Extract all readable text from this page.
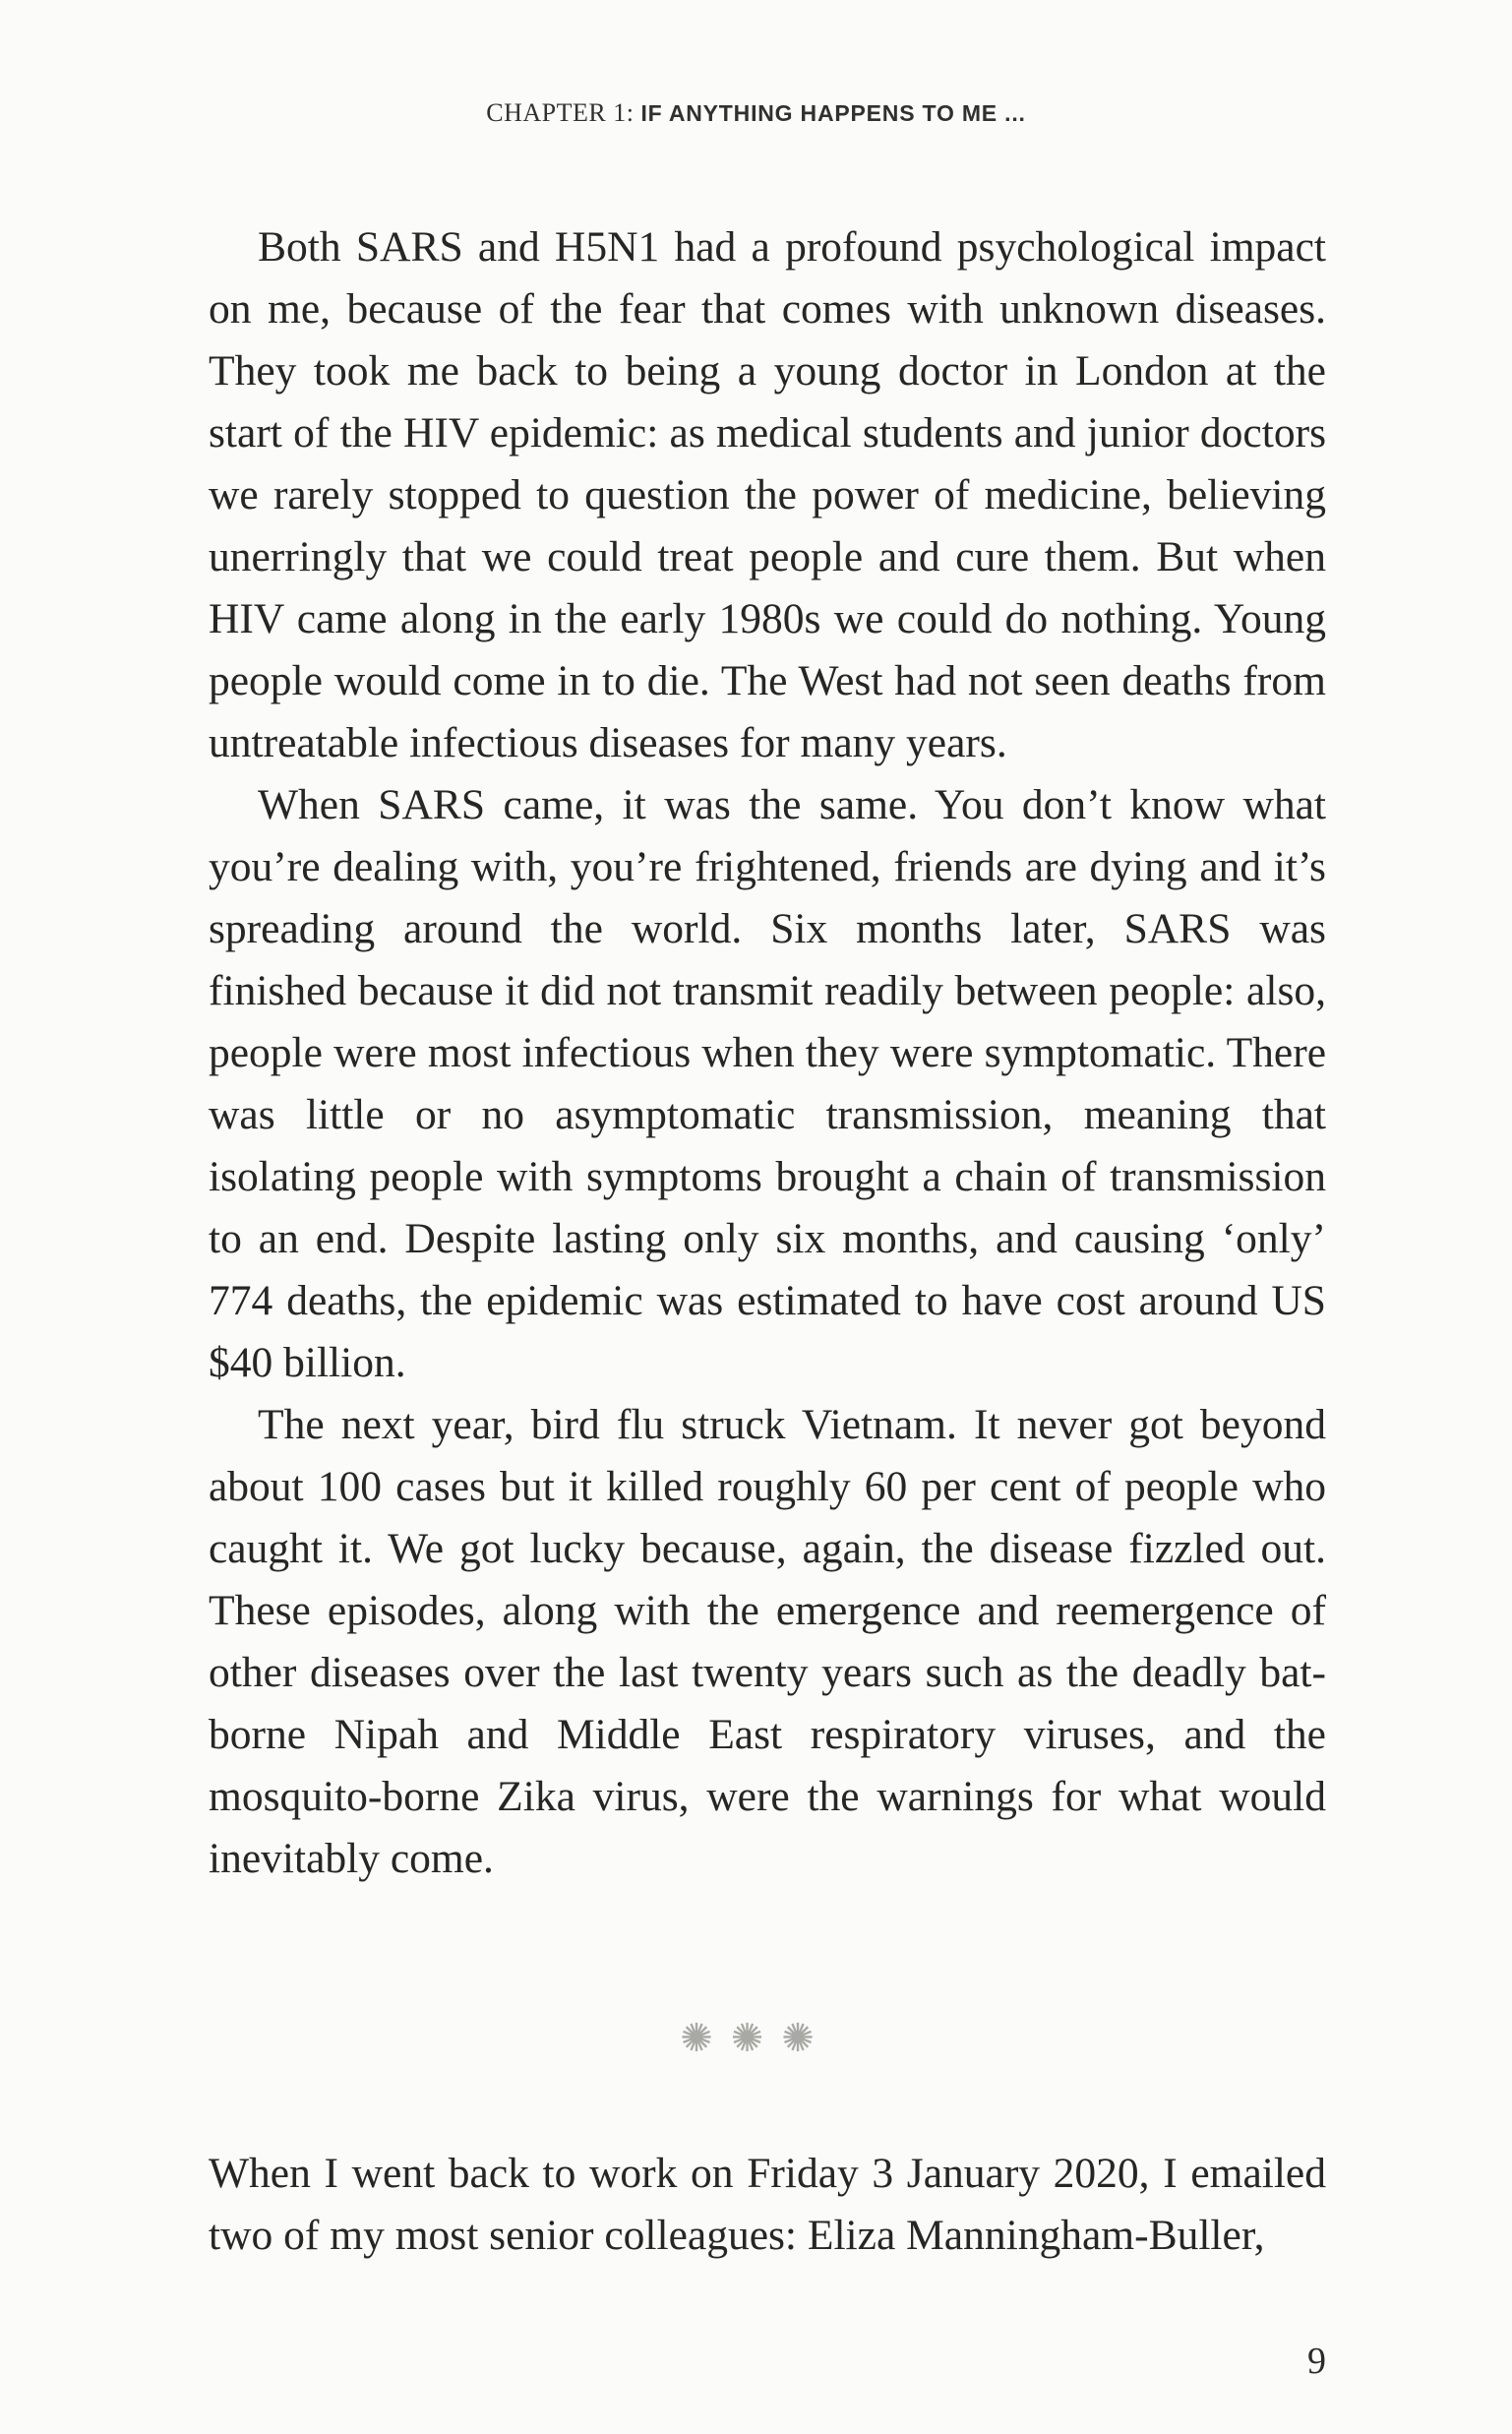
CHAPTER 1: IF ANYTHING HAPPENS TO ME ...

Both SARS and H5N1 had a profound psychological impact on me, because of the fear that comes with unknown diseases. They took me back to being a young doctor in London at the start of the HIV epidemic: as medical students and junior doctors we rarely stopped to question the power of medicine, believing unerringly that we could treat people and cure them. But when HIV came along in the early 1980s we could do nothing. Young people would come in to die. The West had not seen deaths from untreatable infectious diseases for many years.

When SARS came, it was the same. You don’t know what you’re dealing with, you’re frightened, friends are dying and it’s spreading around the world. Six months later, SARS was finished because it did not transmit readily between people: also, people were most infectious when they were symptomatic. There was little or no asymptomatic transmission, meaning that isolating people with symptoms brought a chain of transmission to an end. Despite lasting only six months, and causing ‘only’ 774 deaths, the epidemic was estimated to have cost around US $40 billion.

The next year, bird flu struck Vietnam. It never got beyond about 100 cases but it killed roughly 60 per cent of people who caught it. We got lucky because, again, the disease fizzled out. These episodes, along with the emergence and reemergence of other diseases over the last twenty years such as the deadly bat-borne Nipah and Middle East respiratory viruses, and the mosquito-borne Zika virus, were the warnings for what would inevitably come.

✺✺✺

When I went back to work on Friday 3 January 2020, I emailed two of my most senior colleagues: Eliza Manningham-Buller,

9
